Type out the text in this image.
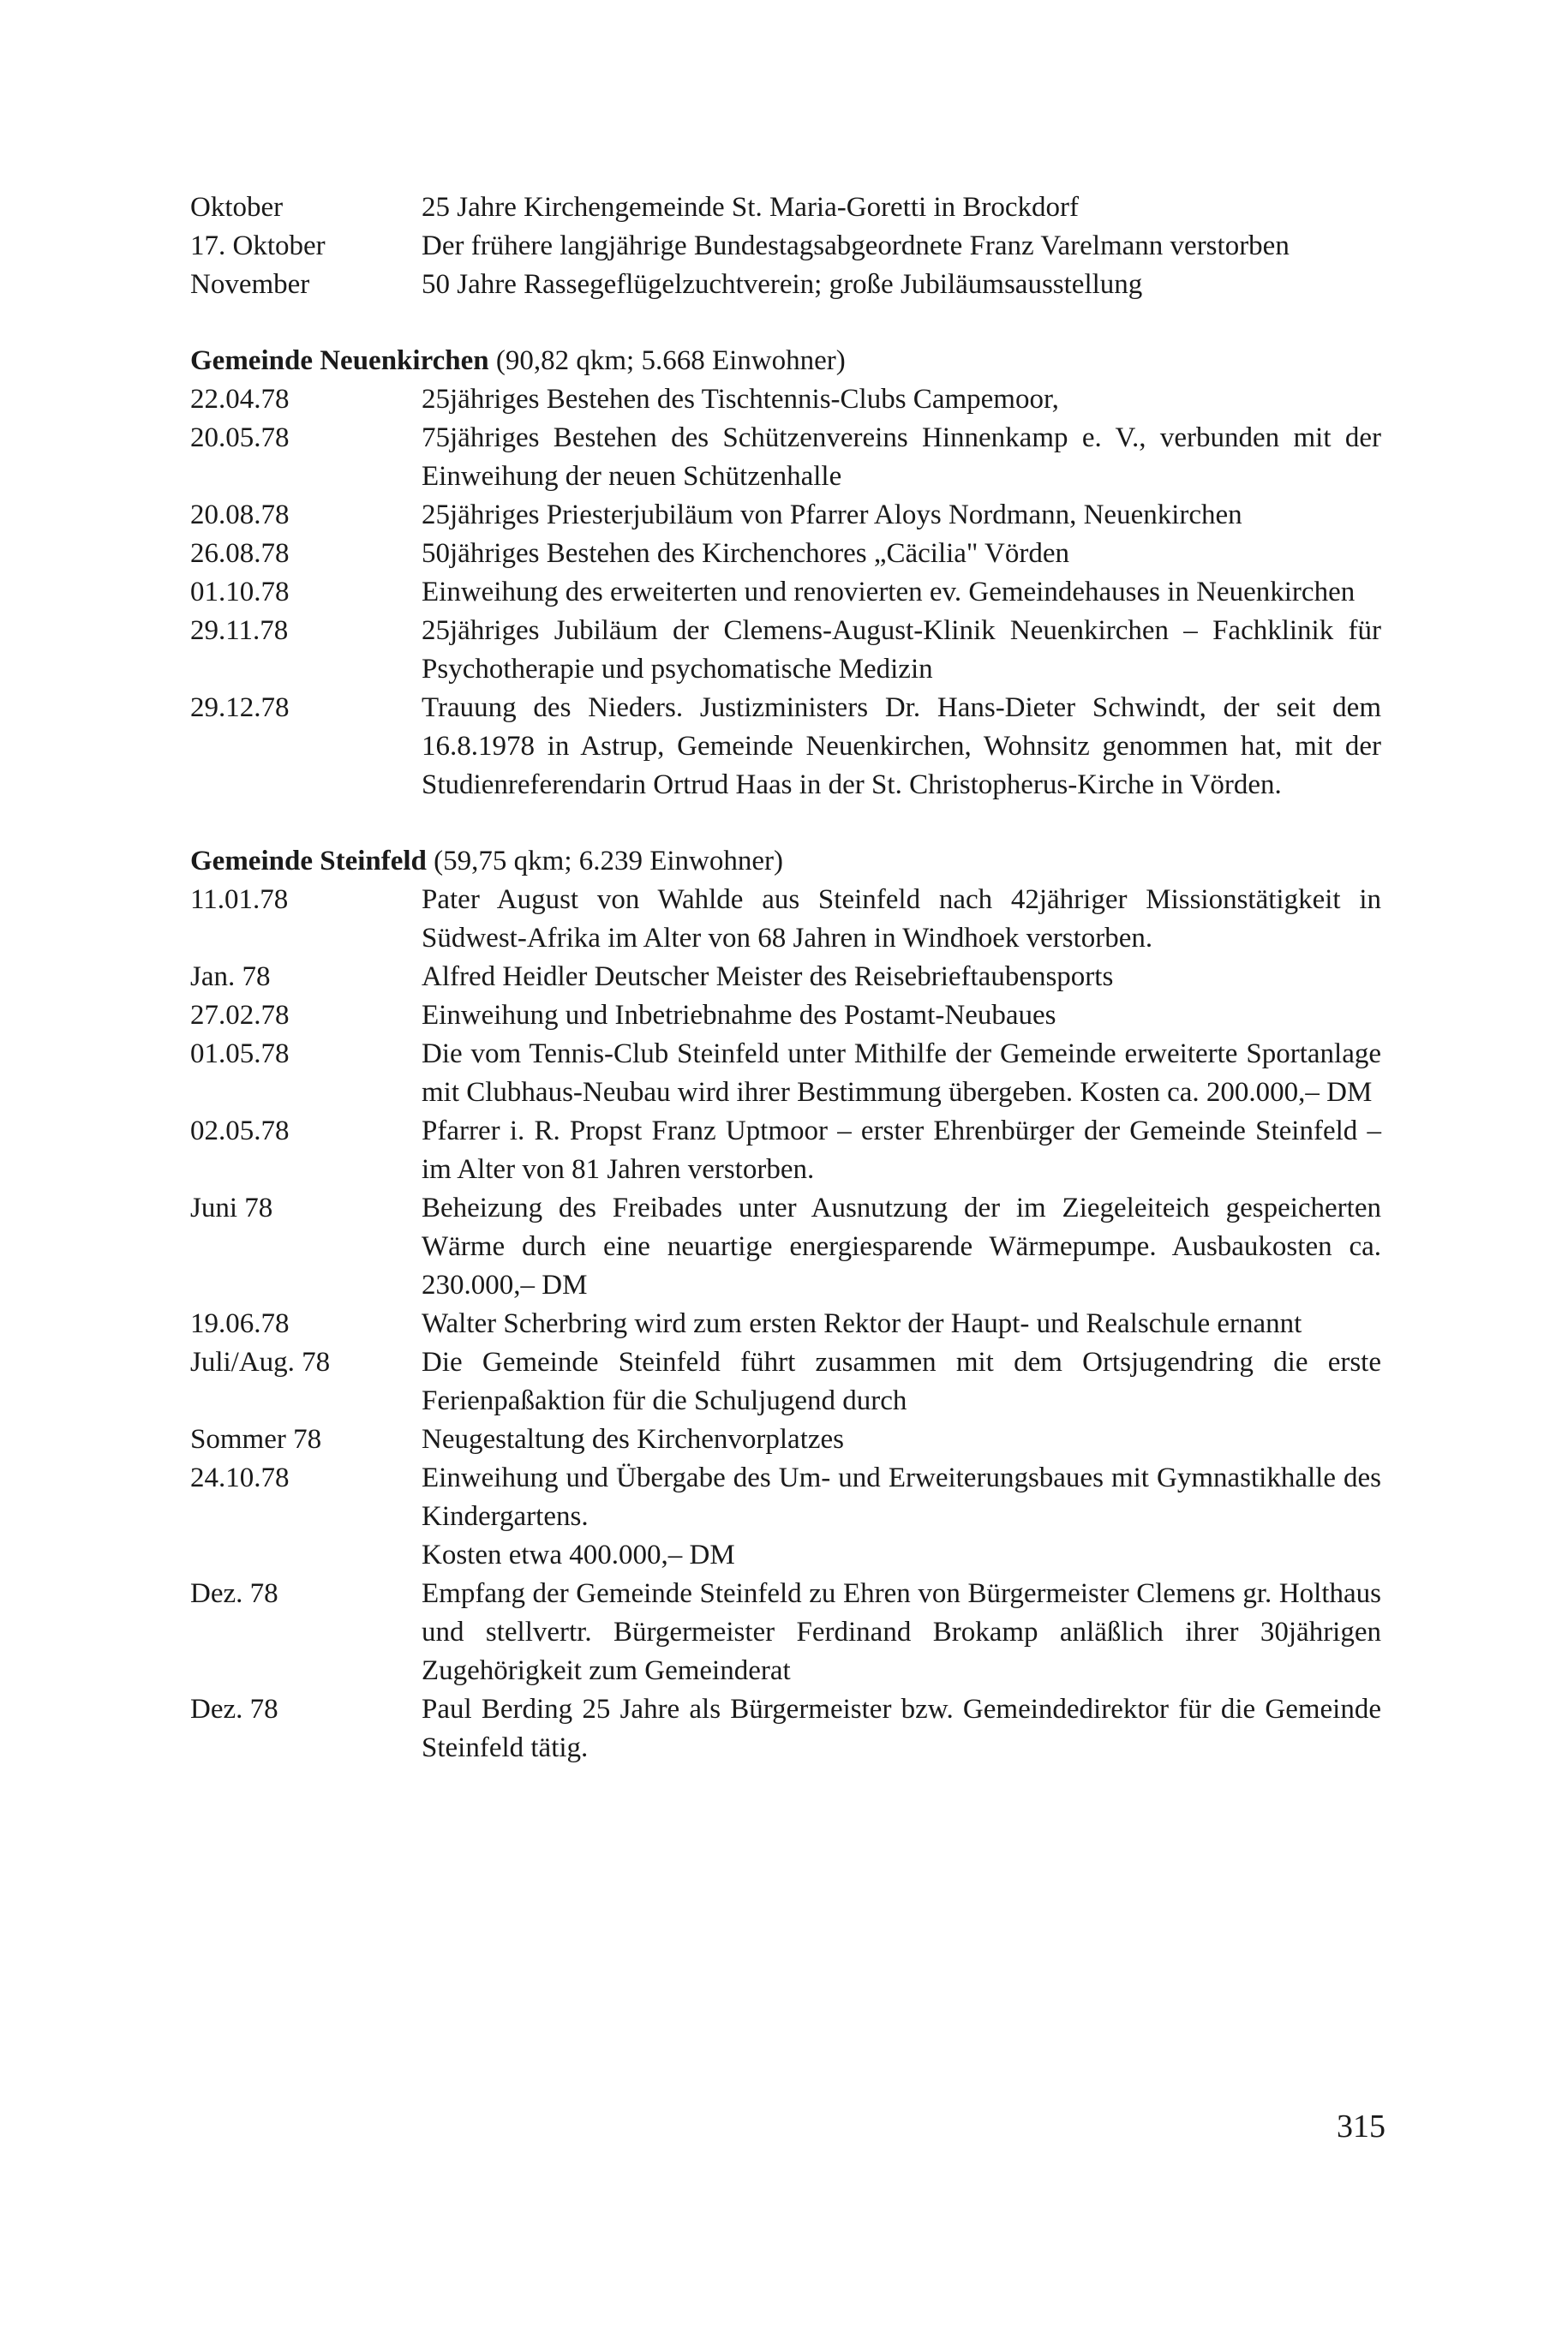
Oktober	25 Jahre Kirchengemeinde St. Maria-Goretti in Brockdorf
17. Oktober	Der frühere langjährige Bundestagsabgeordnete Franz Varelmann verstorben
November	50 Jahre Rassegeflügelzuchtverein; große Jubiläumsausstellung
Gemeinde Neuenkirchen (90,82 qkm; 5.668 Einwohner)
22.04.78	25jähriges Bestehen des Tischtennis-Clubs Campemoor,
20.05.78	75jähriges Bestehen des Schützenvereins Hinnenkamp e. V., verbunden mit der Einweihung der neuen Schützenhalle
20.08.78	25jähriges Priesterjubiläum von Pfarrer Aloys Nordmann, Neuenkirchen
26.08.78	50jähriges Bestehen des Kirchenchores „Cäcilia" Vörden
01.10.78	Einweihung des erweiterten und renovierten ev. Gemeindehauses in Neuenkirchen
29.11.78	25jähriges Jubiläum der Clemens-August-Klinik Neuenkirchen – Fachklinik für Psychotherapie und psychomatische Medizin
29.12.78	Trauung des Nieders. Justizministers Dr. Hans-Dieter Schwindt, der seit dem 16.8.1978 in Astrup, Gemeinde Neuenkirchen, Wohnsitz genommen hat, mit der Studienreferendarin Ortrud Haas in der St. Christopherus-Kirche in Vörden.
Gemeinde Steinfeld (59,75 qkm; 6.239 Einwohner)
11.01.78	Pater August von Wahlde aus Steinfeld nach 42jähriger Missionstätigkeit in Südwest-Afrika im Alter von 68 Jahren in Windhoek verstorben.
Jan. 78	Alfred Heidler Deutscher Meister des Reisebrieftaubensports
27.02.78	Einweihung und Inbetriebnahme des Postamt-Neubaues
01.05.78	Die vom Tennis-Club Steinfeld unter Mithilfe der Gemeinde erweiterte Sportanlage mit Clubhaus-Neubau wird ihrer Bestimmung übergeben. Kosten ca. 200.000,– DM
02.05.78	Pfarrer i. R. Propst Franz Uptmoor – erster Ehrenbürger der Gemeinde Steinfeld – im Alter von 81 Jahren verstorben.
Juni 78	Beheizung des Freibades unter Ausnutzung der im Ziegeleiteich gespeicherten Wärme durch eine neuartige energiesparende Wärmepumpe. Ausbaukosten ca. 230.000,– DM
19.06.78	Walter Scherbring wird zum ersten Rektor der Haupt- und Realschule ernannt
Juli/Aug. 78	Die Gemeinde Steinfeld führt zusammen mit dem Ortsjugendring die erste Ferienpaßaktion für die Schuljugend durch
Sommer 78	Neugestaltung des Kirchenvorplatzes
24.10.78	Einweihung und Übergabe des Um- und Erweiterungsbaues mit Gymnastikhalle des Kindergartens.
Kosten etwa 400.000,– DM
Dez. 78	Empfang der Gemeinde Steinfeld zu Ehren von Bürgermeister Clemens gr. Holthaus und stellvertr. Bürgermeister Ferdinand Brokamp anläßlich ihrer 30jährigen Zugehörigkeit zum Gemeinderat
Dez. 78	Paul Berding 25 Jahre als Bürgermeister bzw. Gemeindedirektor für die Gemeinde Steinfeld tätig.
315
